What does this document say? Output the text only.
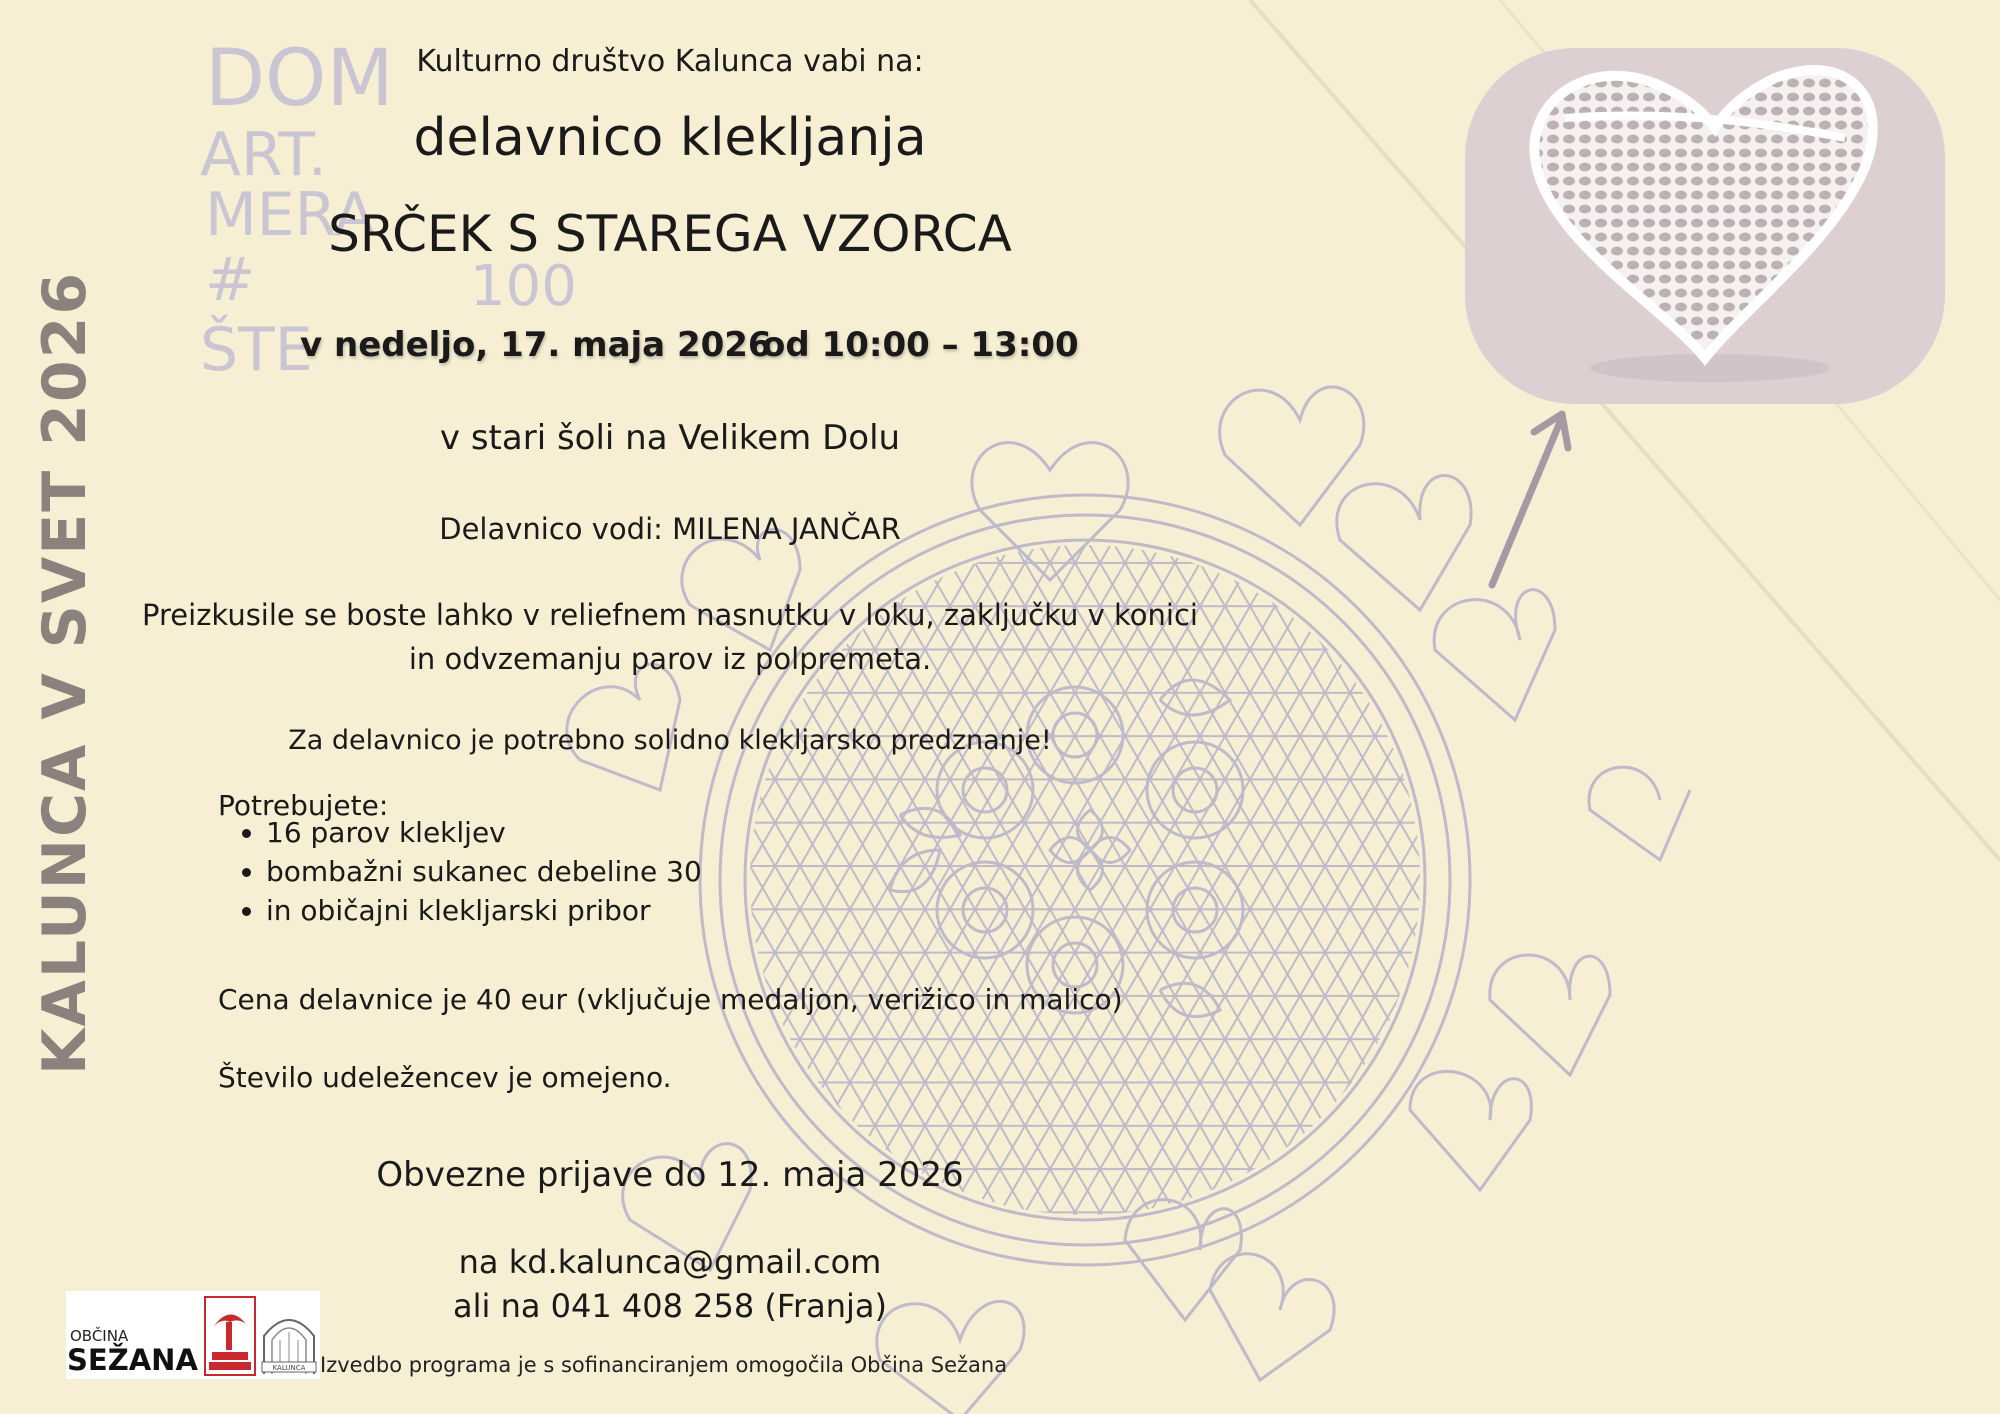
DOM
ART.
MERA
#	100
ŠTE
KALUNCA V SVET 2026
Kulturno društvo Kalunca vabi na:
delavnico klekljanja
SRČEK S STAREGA VZORCA
v nedeljo, 17. maja 2026
od 10:00 – 13:00
v stari šoli na Velikem Dolu
Delavnico vodi: MILENA JANČAR
Preizkusile se boste lahko v reliefnem nasnutku v loku, zaključku v konici in odvzemanju parov iz polpremeta.
Za delavnico je potrebno solidno klekljarsko predznanje!
Potrebujete:
• 16 parov klekljev
• bombažni sukanec debeline 30
• in običajni klekljarski pribor
Cena delavnice je 40 eur (vključuje medaljon, verižico in malico)
Število udeležencev je omejeno.
Obvezne prijave do 12. maja 2026
na kd.kalunca@gmail.com
ali na 041 408 258 (Franja)
OBČINA
SEŽANA	KALUNCA Izvedbo programa je s sofinanciranjem omogočila Občina Sežana
